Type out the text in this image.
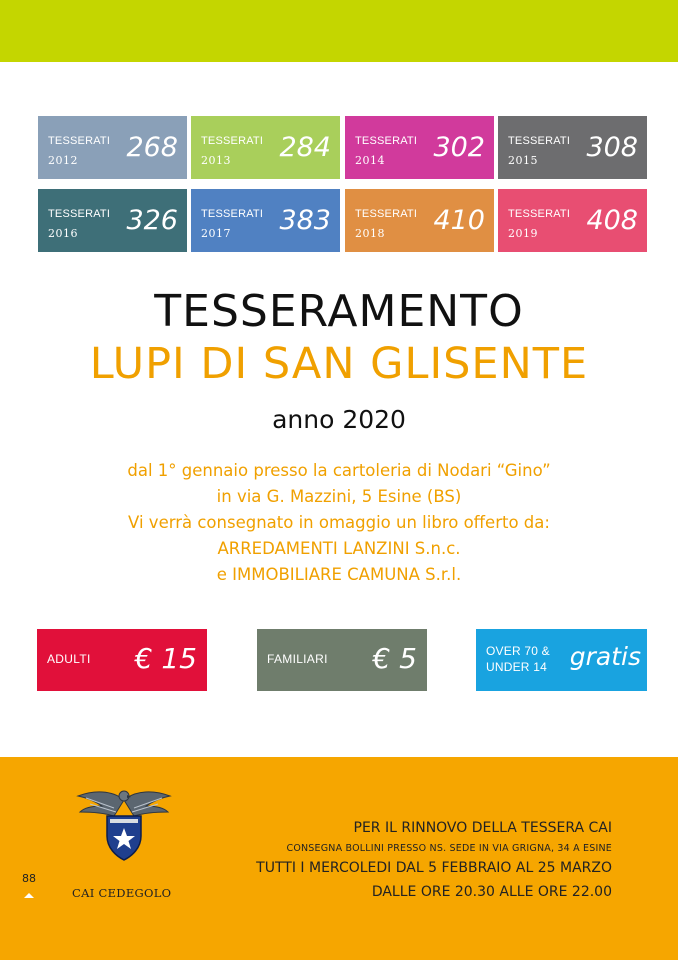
TESSERATI
2012 268 TESSERATI
2013 284 TESSERATI
2014 302 TESSERATI
2015 308
TESSERATI
2016 326 TESSERATI
2017 383 TESSERATI
2018 410 TESSERATI
2019 408
TESSERAMENTO
LUPI DI SAN GLISENTE
anno 2020
dal 1° gennaio presso la cartoleria di Nodari “Gino”
in via G. Mazzini, 5 Esine (BS)
Vi verrà consegnato in omaggio un libro offerto da:
ARREDAMENTI LANZINI S.n.c.
e IMMOBILIARE CAMUNA S.r.l.
ADULTI € 15	FAMILIARI € 5	OVER 70 &
UNDER 14 gratis
CAI CEDEGOLO
88
PER IL RINNOVO DELLA TESSERA CAI
CONSEGNA BOLLINI PRESSO NS. SEDE IN VIA GRIGNA, 34 A ESINE
TUTTI I MERCOLEDI DAL 5 FEBBRAIO AL 25 MARZO
DALLE ORE 20.30 ALLE ORE 22.00
